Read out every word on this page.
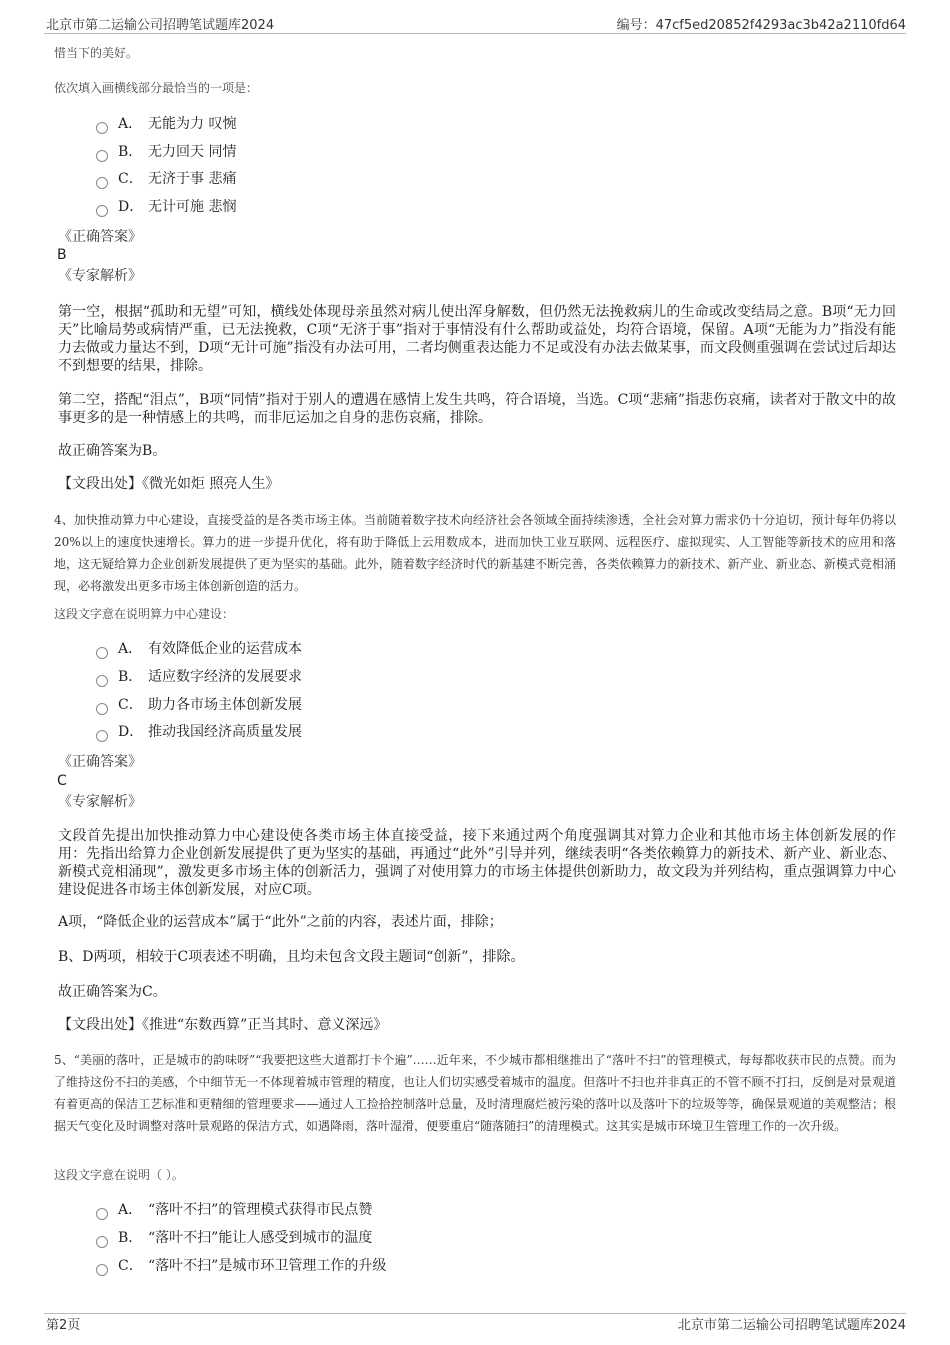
北京市第二运输公司招聘笔试题库2024	编号：47cf5ed20852f4293ac3b42a2110fd64

惜当下的美好。

依次填入画横线部分最恰当的一项是：

A． 无能为力 叹惋
B． 无力回天 同情
C． 无济于事 悲痛
D． 无计可施 悲悯

《正确答案》

B

《专家解析》

第一空，根据“孤助和无望”可知，横线处体现母亲虽然对病儿使出浑身解数，但仍然无法挽救病儿的生命或改变结局之意。B项“无力回天”比喻局势或病情严重，已无法挽救，C项“无济于事”指对于事情没有什么帮助或益处，均符合语境，保留。A项“无能为力”指没有能力去做或力量达不到，D项“无计可施”指没有办法可用，二者均侧重表达能力不足或没有办法去做某事，而文段侧重强调在尝试过后却达不到想要的结果，排除。

第二空，搭配“泪点”，B项“同情”指对于别人的遭遇在感情上发生共鸣，符合语境，当选。C项“悲痛”指悲伤哀痛，读者对于散文中的故事更多的是一种情感上的共鸣，而非厄运加之自身的悲伤哀痛，排除。

故正确答案为B。

【文段出处】《微光如炬 照亮人生》

4、加快推动算力中心建设，直接受益的是各类市场主体。当前随着数字技术向经济社会各领域全面持续渗透，全社会对算力需求仍十分迫切，预计每年仍将以20%以上的速度快速增长。算力的进一步提升优化，将有助于降低上云用数成本，进而加快工业互联网、远程医疗、虚拟现实、人工智能等新技术的应用和落地，这无疑给算力企业创新发展提供了更为坚实的基础。此外，随着数字经济时代的新基建不断完善，各类依赖算力的新技术、新产业、新业态、新模式竞相涌现，必将激发出更多市场主体创新创造的活力。

这段文字意在说明算力中心建设：

A． 有效降低企业的运营成本
B． 适应数字经济的发展要求
C． 助力各市场主体创新发展
D． 推动我国经济高质量发展

《正确答案》

C

《专家解析》

文段首先提出加快推动算力中心建设使各类市场主体直接受益，接下来通过两个角度强调其对算力企业和其他市场主体创新发展的作用：先指出给算力企业创新发展提供了更为坚实的基础，再通过“此外”引导并列，继续表明“各类依赖算力的新技术、新产业、新业态、新模式竞相涌现”，激发更多市场主体的创新活力，强调了对使用算力的市场主体提供创新助力，故文段为并列结构，重点强调算力中心建设促进各市场主体创新发展，对应C项。

A项，“降低企业的运营成本”属于“此外”之前的内容，表述片面，排除；

B、D两项，相较于C项表述不明确，且均未包含文段主题词“创新”，排除。

故正确答案为C。

【文段出处】《推进“东数西算”正当其时、意义深远》

5、“美丽的落叶，正是城市的韵味呀”“我要把这些大道都打卡个遍”……近年来，不少城市都相继推出了“落叶不扫”的管理模式，每每都收获市民的点赞。而为了维持这份不扫的美感，个中细节无一不体现着城市管理的精度，也让人们切实感受着城市的温度。但落叶不扫也并非真正的不管不顾不打扫，反倒是对景观道有着更高的保洁工艺标准和更精细的管理要求——通过人工捡拾控制落叶总量，及时清理腐烂被污染的落叶以及落叶下的垃圾等等，确保景观道的美观整洁；根据天气变化及时调整对落叶景观路的保洁方式，如遇降雨，落叶湿滑，便要重启“随落随扫”的清理模式。这其实是城市环境卫生管理工作的一次升级。

这段文字意在说明（ ）。

A． “落叶不扫”的管理模式获得市民点赞
B． “落叶不扫”能让人感受到城市的温度
C． “落叶不扫”是城市环卫管理工作的升级
第2页	北京市第二运输公司招聘笔试题库2024
